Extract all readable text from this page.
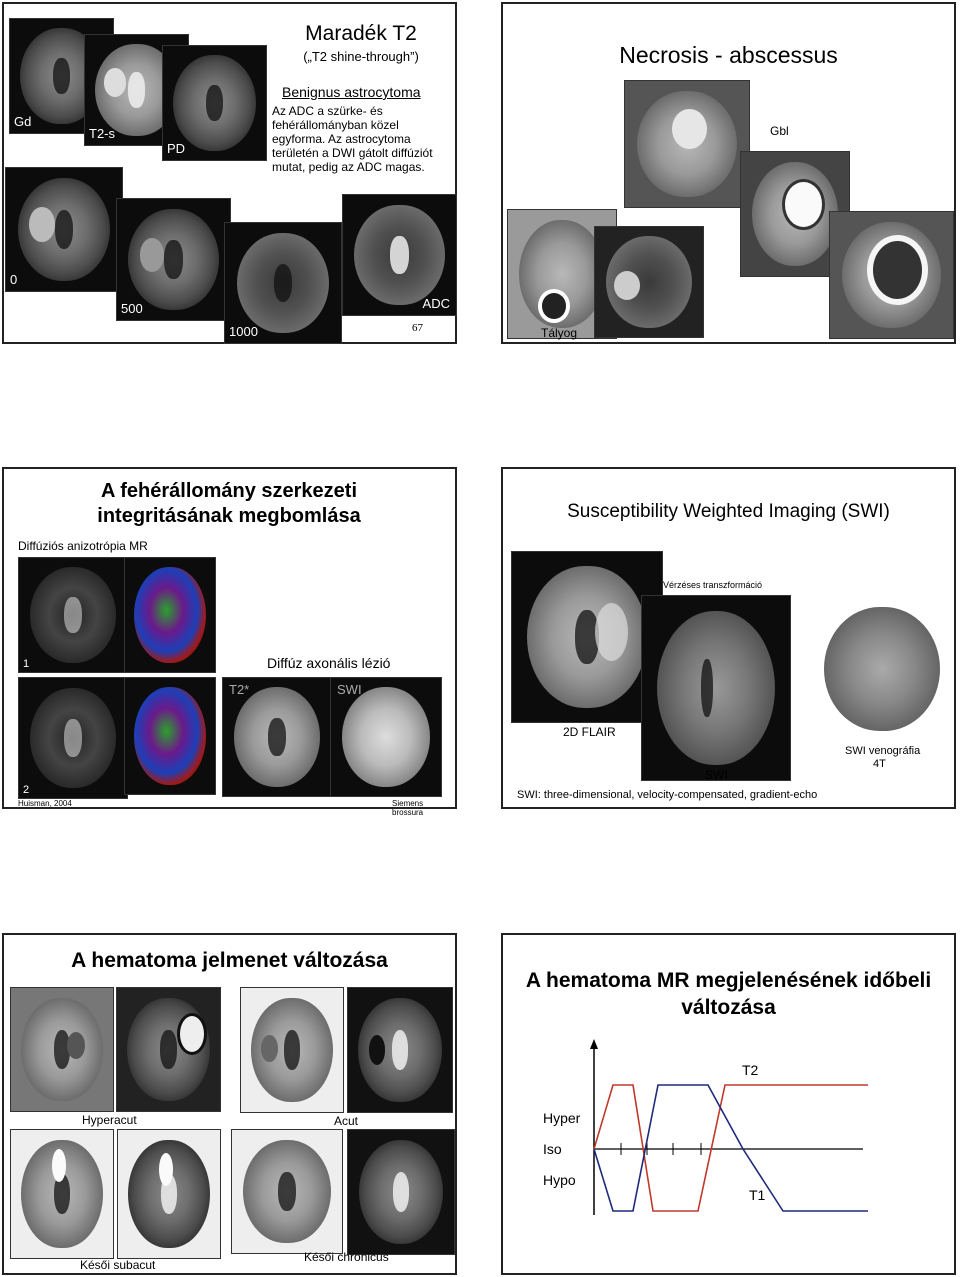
Gd
T2-s
PD
Maradék T2
(„T2 shine-through”)
Benignus astrocytoma
Az ADC a szürke- és fehérállományban közel egyforma. Az astrocytoma területén a DWI gátolt diffúziót mutat, pedig az ADC magas.
0
500
1000
ADC
67
Necrosis - abscessus
Gbl
Tályog
A fehérállomány szerkezeti integritásának megbomlása
Diffúziós anizotrópia MR
1
2
Huisman, 2004
Diffúz axonális lézió
T2*	SWI
Siemens brossura
Susceptibility Weighted Imaging (SWI)
Vérzéses transzformáció
2D FLAIR
SWI
SWI venográfia
4T
SWI: three-dimensional, velocity-compensated, gradient-echo
A hematoma jelmenet változása
Hyperacut	Acut
Késői chronicus
Késői subacut
A hematoma MR megjelenésének időbeli változása
Hyper
Iso
Hypo
T2
T1
